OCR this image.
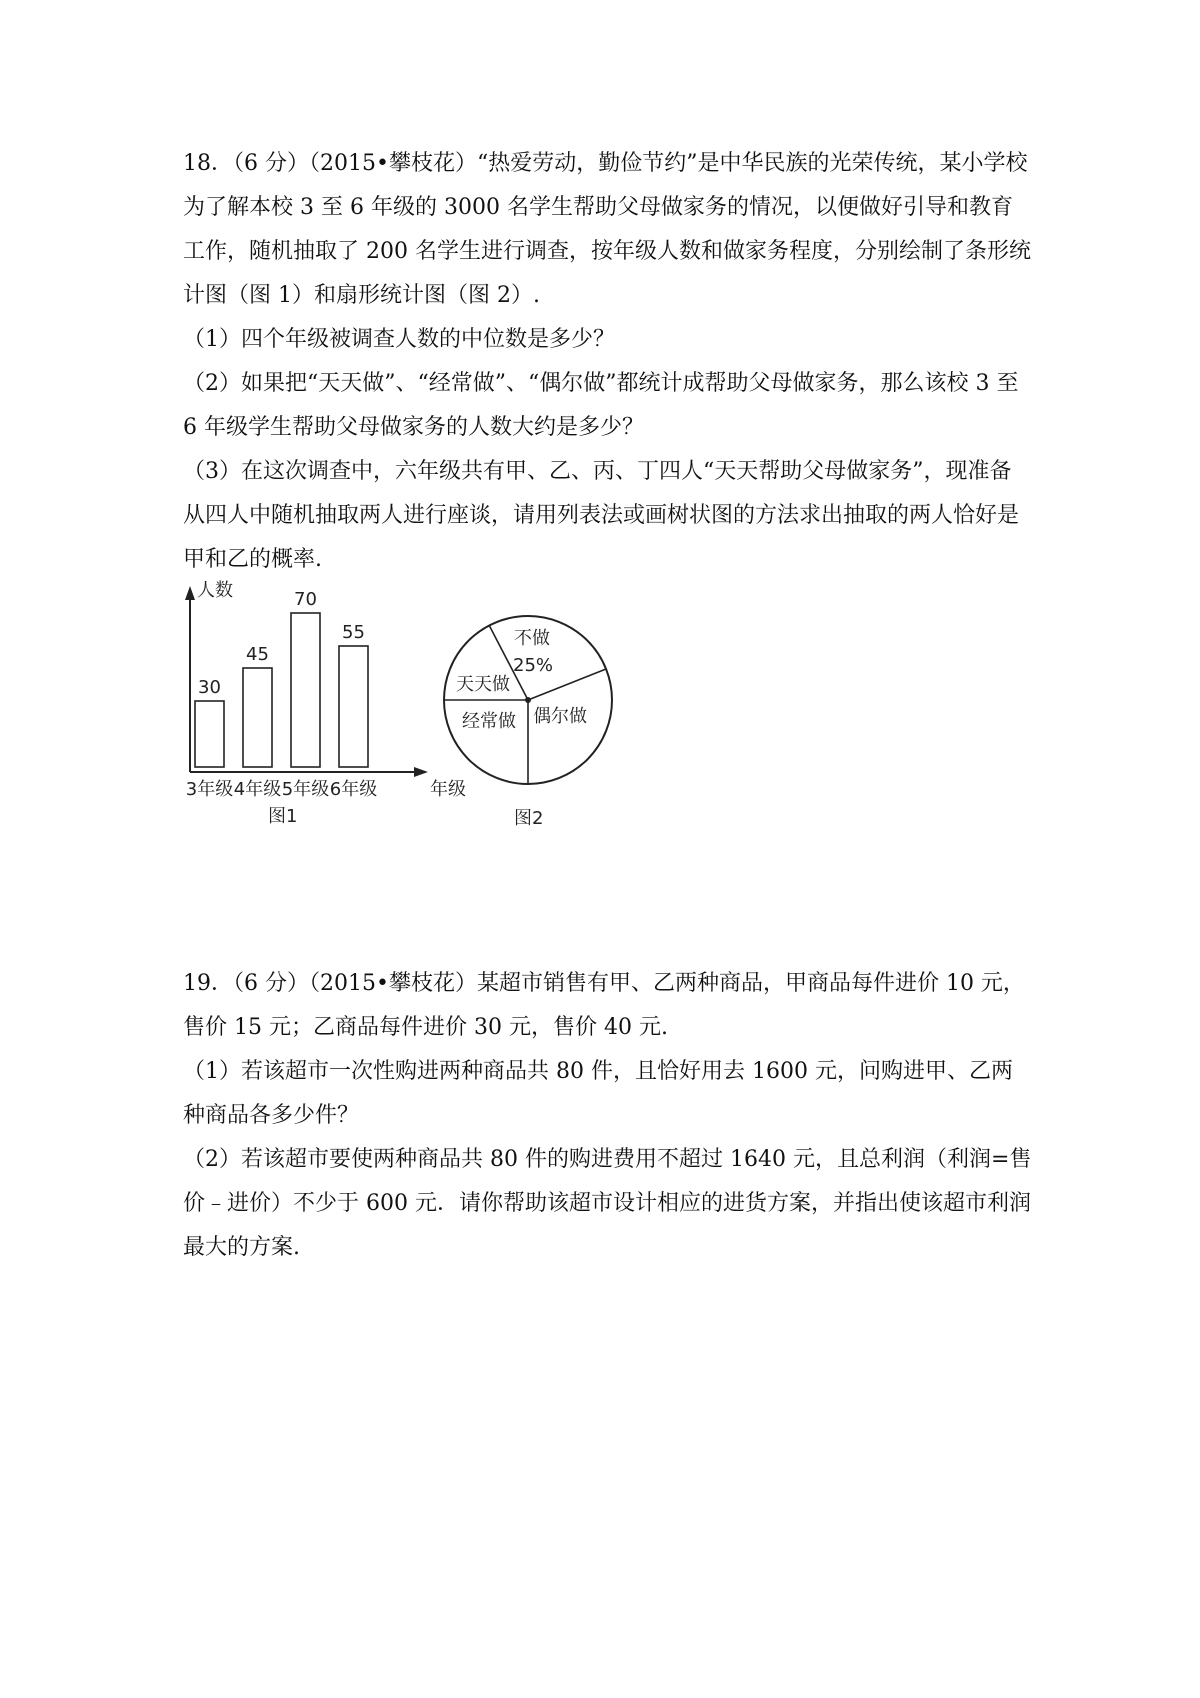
18．（6 分）（2015•攀枝花）“热爱劳动，勤俭节约”是中华民族的光荣传统，某小学校为了解本校 3 至 6 年级的 3000 名学生帮助父母做家务的情况，以便做好引导和教育工作，随机抽取了 200 名学生进行调查，按年级人数和做家务程度，分别绘制了条形统计图（图 1）和扇形统计图（图 2）.

（1）四个年级被调查人数的中位数是多少？

（2）如果把“天天做”、“经常做”、“偶尔做”都统计成帮助父母做家务，那么该校 3 至 6 年级学生帮助父母做家务的人数大约是多少？

（3）在这次调查中，六年级共有甲、乙、丙、丁四人“天天帮助父母做家务”，现准备从四人中随机抽取两人进行座谈，请用列表法或画树状图的方法求出抽取的两人恰好是甲和乙的概率.

人数
年级
图1
30
3年级
45
4年级
70
5年级
55
6年级
不做
25%
偶尔做
经常做
天天做
图2

19．（6 分）（2015•攀枝花）某超市销售有甲、乙两种商品，甲商品每件进价 10 元，售价 15 元；乙商品每件进价 30 元，售价 40 元.

（1）若该超市一次性购进两种商品共 80 件，且恰好用去 1600 元，问购进甲、乙两种商品各多少件？

（2）若该超市要使两种商品共 80 件的购进费用不超过 1640 元，且总利润（利润=售价﹣进价）不少于 600 元．请你帮助该超市设计相应的进货方案，并指出使该超市利润最大的方案.
